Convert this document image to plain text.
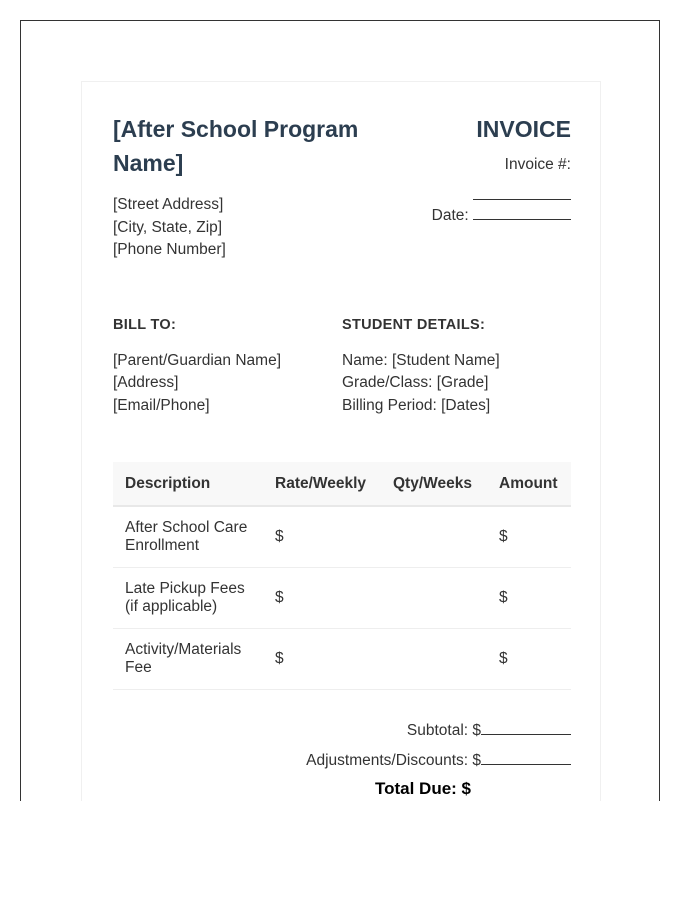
[After School Program Name]
[Street Address]
[City, State, Zip]
[Phone Number]
INVOICE
Invoice #:
Date:
BILL TO:
[Parent/Guardian Name]
[Address]
[Email/Phone]
STUDENT DETAILS:
Name: [Student Name]
Grade/Class: [Grade]
Billing Period: [Dates]
Description	Rate/Weekly	Qty/Weeks	Amount
After School Care Enrollment	$		$
Late Pickup Fees (if applicable)	$		$
Activity/Materials Fee	$		$
Subtotal: $
Adjustments/Discounts: $
Total Due: $
